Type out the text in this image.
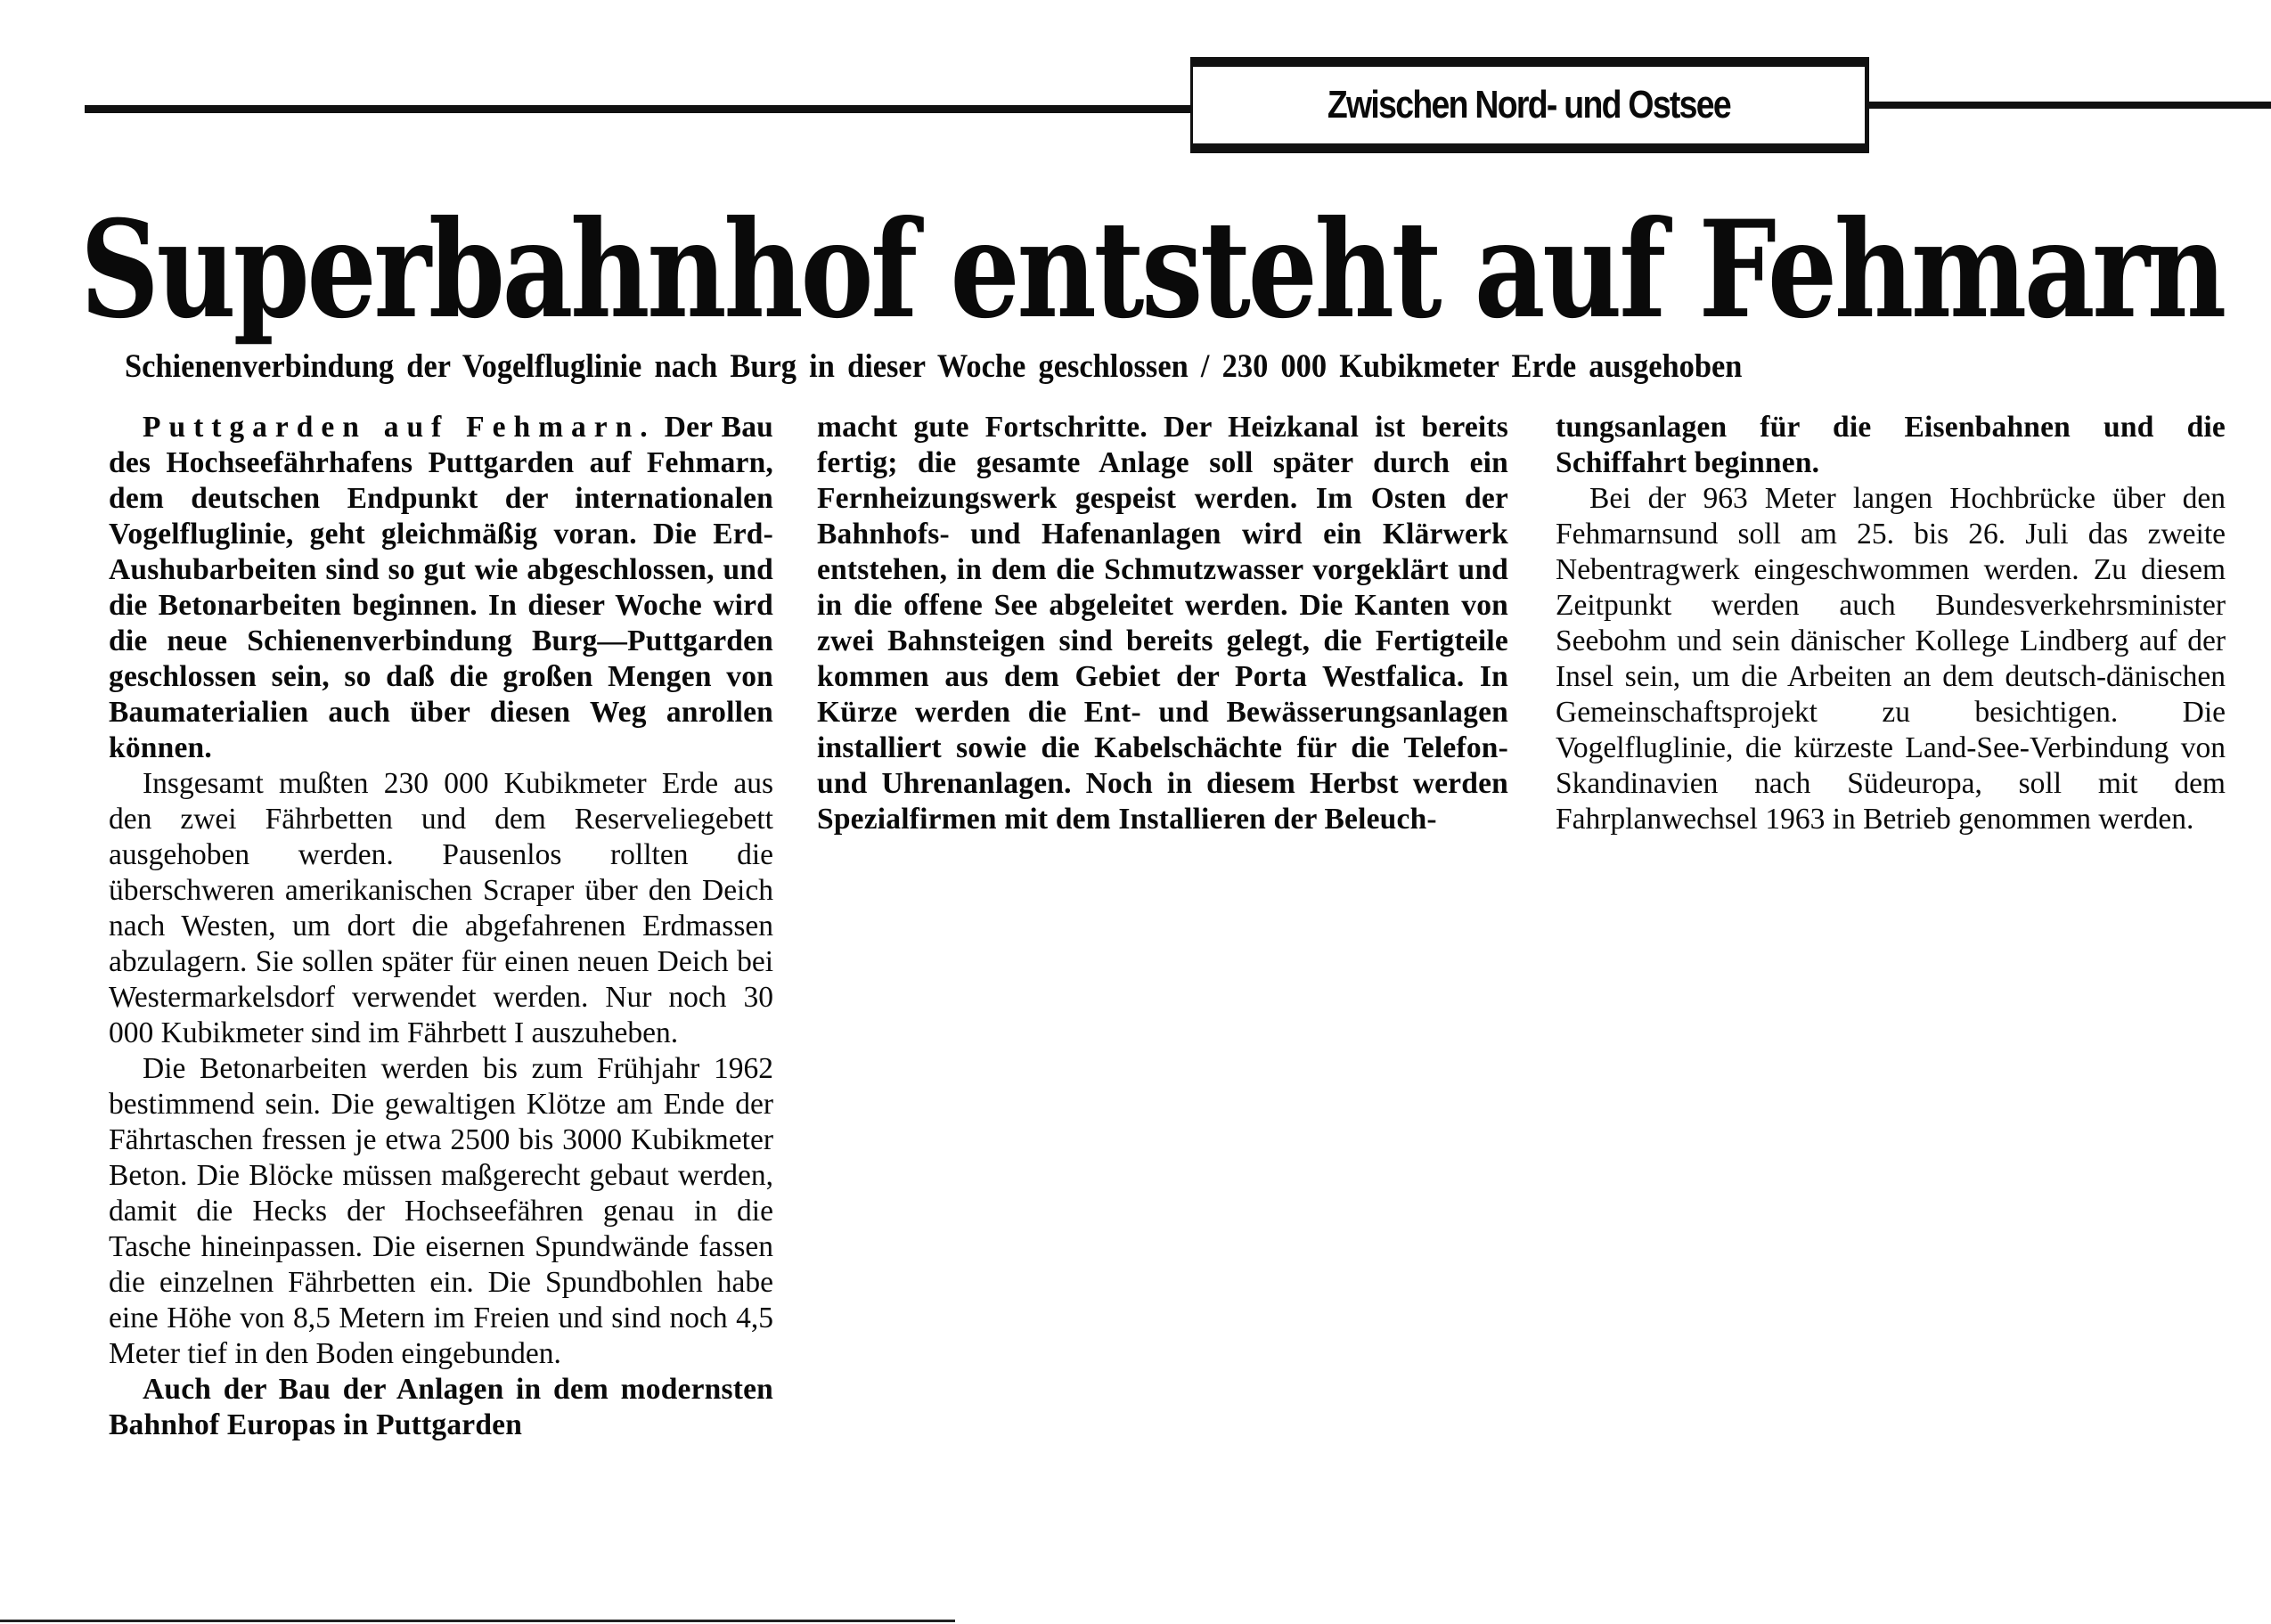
Zwischen Nord- und Ostsee
Superbahnhof entsteht auf Fehmarn
Schienenverbindung der Vogelfluglinie nach Burg in dieser Woche geschlossen / 230 000 Kubikmeter Erde ausgehoben

Puttgarden auf Fehmarn. Der Bau des Hochseefährhafens Puttgarden auf Fehmarn, dem deutschen Endpunkt der internationalen Vogelfluglinie, geht gleichmäßig voran. Die Erd-Aushubarbeiten sind so gut wie abgeschlossen, und die Betonarbeiten beginnen. In dieser Woche wird die neue Schienenverbindung Burg—Puttgarden geschlossen sein, so daß die großen Mengen von Baumaterialien auch über diesen Weg anrollen können.

Insgesamt mußten 230 000 Kubikmeter Erde aus den zwei Fährbetten und dem Reserveliegebett ausgehoben werden. Pausenlos rollten die überschweren amerikanischen Scraper über den Deich nach Westen, um dort die abgefahrenen Erdmassen abzulagern. Sie sollen später für einen neuen Deich bei Westermarkelsdorf verwendet werden. Nur noch 30 000 Kubikmeter sind im Fährbett I auszuheben.

Die Betonarbeiten werden bis zum Frühjahr 1962 bestimmend sein. Die gewaltigen Klötze am Ende der Fährtaschen fressen je etwa 2500 bis 3000 Kubikmeter Beton. Die Blöcke müssen maßgerecht gebaut werden, damit die Hecks der Hochseefähren genau in die Tasche hineinpassen. Die eisernen Spundwände fassen die einzelnen Fährbetten ein. Die Spundbohlen habe eine Höhe von 8,5 Metern im Freien und sind noch 4,5 Meter tief in den Boden eingebunden.

Auch der Bau der Anlagen in dem modernsten Bahnhof Europas in Puttgarden

macht gute Fortschritte. Der Heizkanal ist bereits fertig; die gesamte Anlage soll später durch ein Fernheizungswerk gespeist werden. Im Osten der Bahnhofs- und Hafenanlagen wird ein Klärwerk entstehen, in dem die Schmutzwasser vorgeklärt und in die offene See abgeleitet werden. Die Kanten von zwei Bahnsteigen sind bereits gelegt, die Fertigteile kommen aus dem Gebiet der Porta Westfalica. In Kürze werden die Ent- und Bewässerungsanlagen installiert sowie die Kabelschächte für die Telefon- und Uhrenanlagen. Noch in diesem Herbst werden Spezialfirmen mit dem Installieren der Beleuch-

tungsanlagen für die Eisenbahnen und die Schiffahrt beginnen.

Bei der 963 Meter langen Hochbrücke über den Fehmarnsund soll am 25. bis 26. Juli das zweite Nebentragwerk eingeschwommen werden. Zu diesem Zeitpunkt werden auch Bundesverkehrsminister Seebohm und sein dänischer Kollege Lindberg auf der Insel sein, um die Arbeiten an dem deutsch-dänischen Gemeinschaftsprojekt zu besichtigen. Die Vogelfluglinie, die kürzeste Land-See-Verbindung von Skandinavien nach Südeuropa, soll mit dem Fahrplanwechsel 1963 in Betrieb genommen werden.
